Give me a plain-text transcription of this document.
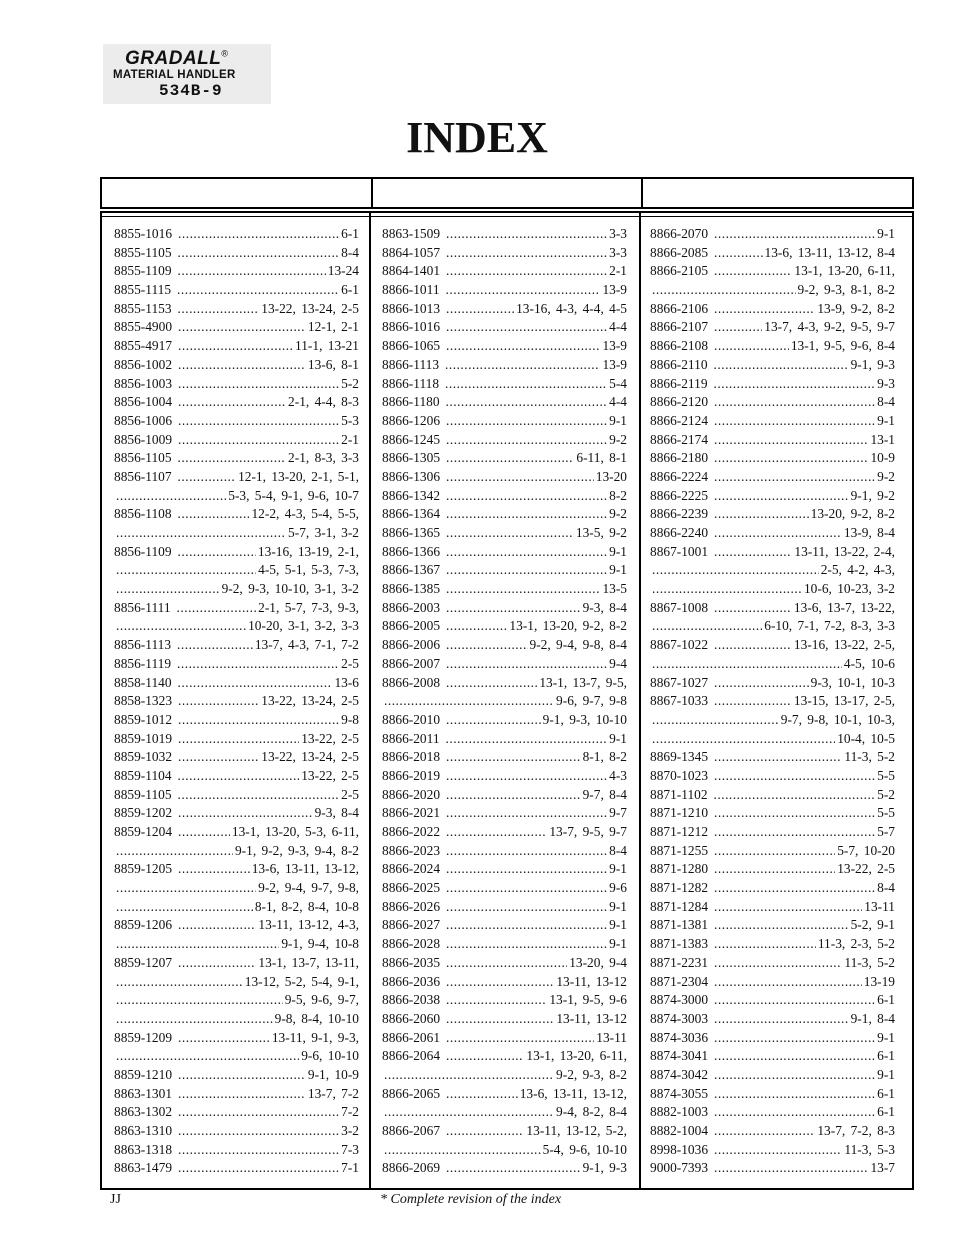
GRADALL®
MATERIAL HANDLER
534B-9
INDEX
8855-1016 .....	6-1
8855-1105 .....	8-4
8855-1109 .....	13-24
8855-1115 .....	6-1
8855-1153 .....	13-22, 13-24, 2-5
8855-4900 .....	12-1, 2-1
8855-4917 .....	11-1, 13-21
8856-1002 .....	13-6, 8-1
8856-1003 .....	5-2
8856-1004 .....	2-1, 4-4, 8-3
8856-1006 .....	5-3
8856-1009 .....	2-1
8856-1105 .....	2-1, 8-3, 3-3
8856-1107 .....	12-1, 13-20, 2-1, 5-1,
.....
5-3, 5-4, 9-1, 9-6, 10-7
8856-1108 .....	12-2, 4-3, 5-4, 5-5,
.....
5-7, 3-1, 3-2
8856-1109 .....	13-16, 13-19, 2-1,
.....
4-5, 5-1, 5-3, 7-3,
.....
9-2, 9-3, 10-10, 3-1, 3-2
8856-1111 .....	2-1, 5-7, 7-3, 9-3,
.....
10-20, 3-1, 3-2, 3-3
8856-1113 .....	13-7, 4-3, 7-1, 7-2
8856-1119 .....	2-5
8858-1140 .....	13-6
8858-1323 .....	13-22, 13-24, 2-5
8859-1012 .....	9-8
8859-1019 .....	13-22, 2-5
8859-1032 .....	13-22, 13-24, 2-5
8859-1104 .....	13-22, 2-5
8859-1105 .....	2-5
8859-1202 .....	9-3, 8-4
8859-1204 .....	13-1, 13-20, 5-3, 6-11,
.....
9-1, 9-2, 9-3, 9-4, 8-2
8859-1205 .....	13-6, 13-11, 13-12,
.....
9-2, 9-4, 9-7, 9-8,
.....
8-1, 8-2, 8-4, 10-8
8859-1206 .....	13-11, 13-12, 4-3,
.....
9-1, 9-4, 10-8
8859-1207 .....	13-1, 13-7, 13-11,
.....
13-12, 5-2, 5-4, 9-1,
.....
9-5, 9-6, 9-7,
.....
9-8, 8-4, 10-10
8859-1209 .....	13-11, 9-1, 9-3,
.....
9-6, 10-10
8859-1210 .....	9-1, 10-9
8863-1301 .....	13-7, 7-2
8863-1302 .....	7-2
8863-1310 .....	3-2
8863-1318 .....	7-3
8863-1479 .....	7-1
8863-1509 .....	3-3
8864-1057 .....	3-3
8864-1401 .....	2-1
8866-1011 .....	13-9
8866-1013 .....	13-16, 4-3, 4-4, 4-5
8866-1016 .....	4-4
8866-1065 .....	13-9
8866-1113 .....	13-9
8866-1118 .....	5-4
8866-1180 .....	4-4
8866-1206 .....	9-1
8866-1245 .....	9-2
8866-1305 .....	6-11, 8-1
8866-1306 .....	13-20
8866-1342 .....	8-2
8866-1364 .....	9-2
8866-1365 .....	13-5, 9-2
8866-1366 .....	9-1
8866-1367 .....	9-1
8866-1385 .....	13-5
8866-2003 .....	9-3, 8-4
8866-2005 .....	13-1, 13-20, 9-2, 8-2
8866-2006 .....	9-2, 9-4, 9-8, 8-4
8866-2007 .....	9-4
8866-2008 .....	13-1, 13-7, 9-5,
.....
9-6, 9-7, 9-8
8866-2010 .....	9-1, 9-3, 10-10
8866-2011 .....	9-1
8866-2018 .....	8-1, 8-2
8866-2019 .....	4-3
8866-2020 .....	9-7, 8-4
8866-2021 .....	9-7
8866-2022 .....	13-7, 9-5, 9-7
8866-2023 .....	8-4
8866-2024 .....	9-1
8866-2025 .....	9-6
8866-2026 .....	9-1
8866-2027 .....	9-1
8866-2028 .....	9-1
8866-2035 .....	13-20, 9-4
8866-2036 .....	13-11, 13-12
8866-2038 .....	13-1, 9-5, 9-6
8866-2060 .....	13-11, 13-12
8866-2061 .....	13-11
8866-2064 .....	13-1, 13-20, 6-11,
.....
9-2, 9-3, 8-2
8866-2065 .....	13-6, 13-11, 13-12,
.....
9-4, 8-2, 8-4
8866-2067 .....	13-11, 13-12, 5-2,
.....
5-4, 9-6, 10-10
8866-2069 .....	9-1, 9-3
8866-2070 .....	9-1
8866-2085 .....	13-6, 13-11, 13-12, 8-4
8866-2105 .....	13-1, 13-20, 6-11,
.....
9-2, 9-3, 8-1, 8-2
8866-2106 .....	13-9, 9-2, 8-2
8866-2107 .....	13-7, 4-3, 9-2, 9-5, 9-7
8866-2108 .....	13-1, 9-5, 9-6, 8-4
8866-2110 .....	9-1, 9-3
8866-2119 .....	9-3
8866-2120 .....	8-4
8866-2124 .....	9-1
8866-2174 .....	13-1
8866-2180 .....	10-9
8866-2224 .....	9-2
8866-2225 .....	9-1, 9-2
8866-2239 .....	13-20, 9-2, 8-2
8866-2240 .....	13-9, 8-4
8867-1001 .....	13-11, 13-22, 2-4,
.....
2-5, 4-2, 4-3,
.....
10-6, 10-23, 3-2
8867-1008 .....	13-6, 13-7, 13-22,
.....
6-10, 7-1, 7-2, 8-3, 3-3
8867-1022 .....	13-16, 13-22, 2-5,
.....
4-5, 10-6
8867-1027 .....	9-3, 10-1, 10-3
8867-1033 .....	13-15, 13-17, 2-5,
.....
9-7, 9-8, 10-1, 10-3,
.....
10-4, 10-5
8869-1345 .....	11-3, 5-2
8870-1023 .....	5-5
8871-1102 .....	5-2
8871-1210 .....	5-5
8871-1212 .....	5-7
8871-1255 .....	5-7, 10-20
8871-1280 .....	13-22, 2-5
8871-1282 .....	8-4
8871-1284 .....	13-11
8871-1381 .....	5-2, 9-1
8871-1383 .....	11-3, 2-3, 5-2
8871-2231 .....	11-3, 5-2
8871-2304 .....	13-19
8874-3000 .....	6-1
8874-3003 .....	9-1, 8-4
8874-3036 .....	9-1
8874-3041 .....	6-1
8874-3042 .....	9-1
8874-3055 .....	6-1
8882-1003 .....	6-1
8882-1004 .....	13-7, 7-2, 8-3
8998-1036 .....	11-3, 5-3
9000-7393 .....	13-7
JJ	* Complete revision of the index
